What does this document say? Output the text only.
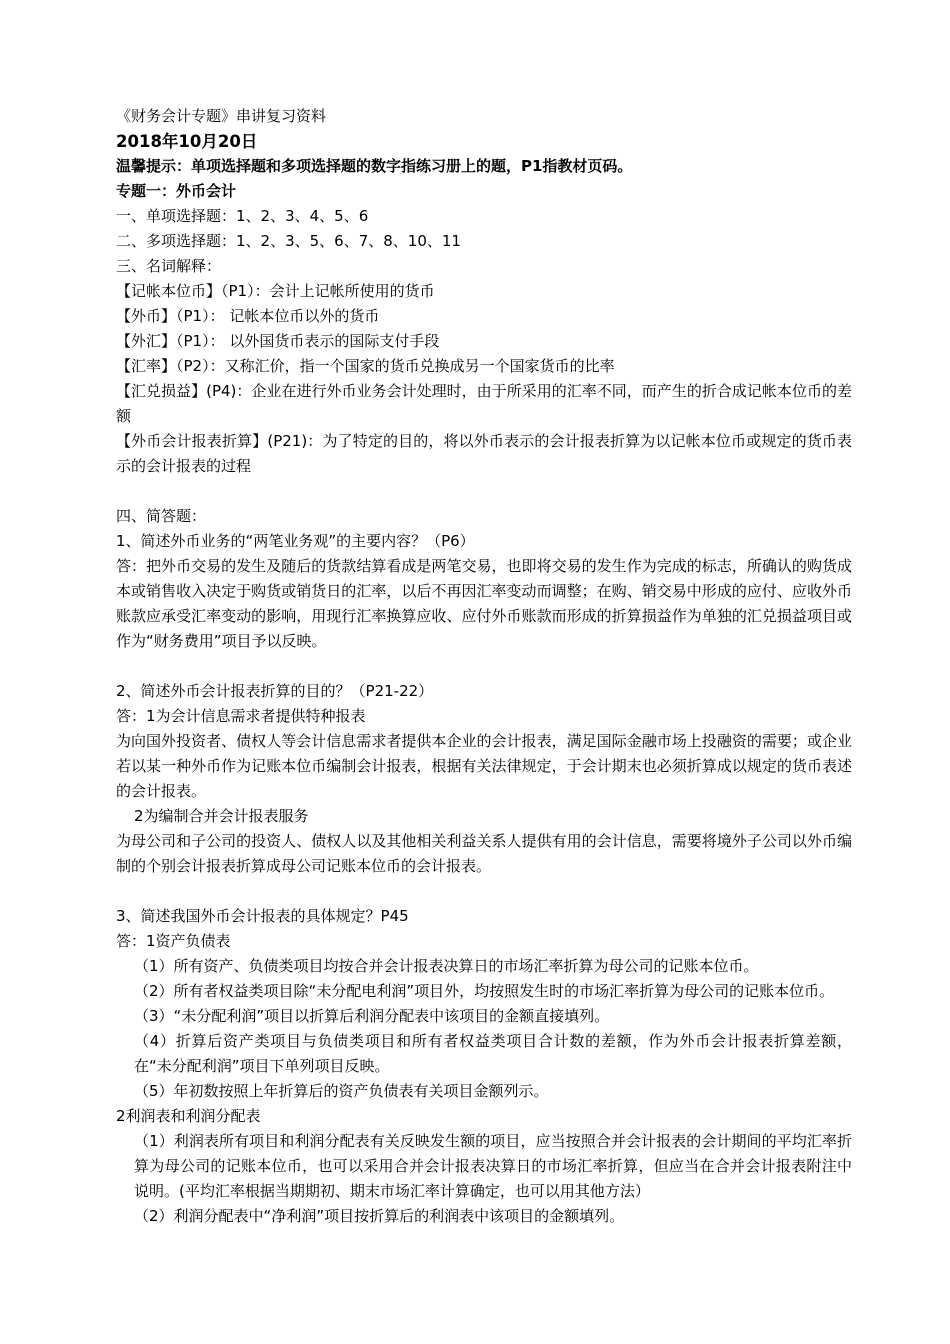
《财务会计专题》串讲复习资料

2018年10月20日

温馨提示：单项选择题和多项选择题的数字指练习册上的题，P1指教材页码。

专题一：外币会计

一、单项选择题：1、2、3、4、5、6

二、多项选择题：1、2、3、5、6、7、8、10、11

三、名词解释：

【记帐本位币】（P1）：会计上记帐所使用的货币

【外币】（P1）： 记帐本位币以外的货币

【外汇】（P1）： 以外国货币表示的国际支付手段

【汇率】（P2）：又称汇价，指一个国家的货币兑换成另一个国家货币的比率

【汇兑损益】(P4)：企业在进行外币业务会计处理时，由于所采用的汇率不同，而产生的折合成记帐本位币的差额

【外币会计报表折算】(P21)：为了特定的目的，将以外币表示的会计报表折算为以记帐本位币或规定的货币表示的会计报表的过程

四、简答题：

1、简述外币业务的“两笔业务观”的主要内容？（P6）

答：把外币交易的发生及随后的货款结算看成是两笔交易，也即将交易的发生作为完成的标志，所确认的购货成本或销售收入决定于购货或销货日的汇率，以后不再因汇率变动而调整；在购、销交易中形成的应付、应收外币账款应承受汇率变动的影响，用现行汇率换算应收、应付外币账款而形成的折算损益作为单独的汇兑损益项目或作为“财务费用”项目予以反映。

2、简述外币会计报表折算的目的？（P21-22）

答：1为会计信息需求者提供特种报表

为向国外投资者、债权人等会计信息需求者提供本企业的会计报表，满足国际金融市场上投融资的需要；或企业若以某一种外币作为记账本位币编制会计报表，根据有关法律规定，于会计期末也必须折算成以规定的货币表述的会计报表。

2为编制合并会计报表服务

为母公司和子公司的投资人、债权人以及其他相关利益关系人提供有用的会计信息，需要将境外子公司以外币编制的个别会计报表折算成母公司记账本位币的会计报表。

3、简述我国外币会计报表的具体规定？P45

答：1资产负债表

（1）所有资产、负债类项目均按合并会计报表决算日的市场汇率折算为母公司的记账本位币。

（2）所有者权益类项目除“未分配电利润”项目外，均按照发生时的市场汇率折算为母公司的记账本位币。

（3）“未分配利润”项目以折算后利润分配表中该项目的金额直接填列。

（4）折算后资产类项目与负债类项目和所有者权益类项目合计数的差额，作为外币会计报表折算差额，在“未分配利润”项目下单列项目反映。

（5）年初数按照上年折算后的资产负债表有关项目金额列示。

2利润表和利润分配表

（1）利润表所有项目和利润分配表有关反映发生额的项目，应当按照合并会计报表的会计期间的平均汇率折算为母公司的记账本位币，也可以采用合并会计报表决算日的市场汇率折算，但应当在合并会计报表附注中说明。(平均汇率根据当期期初、期末市场汇率计算确定，也可以用其他方法）

（2）利润分配表中“净利润”项目按折算后的利润表中该项目的金额填列。
